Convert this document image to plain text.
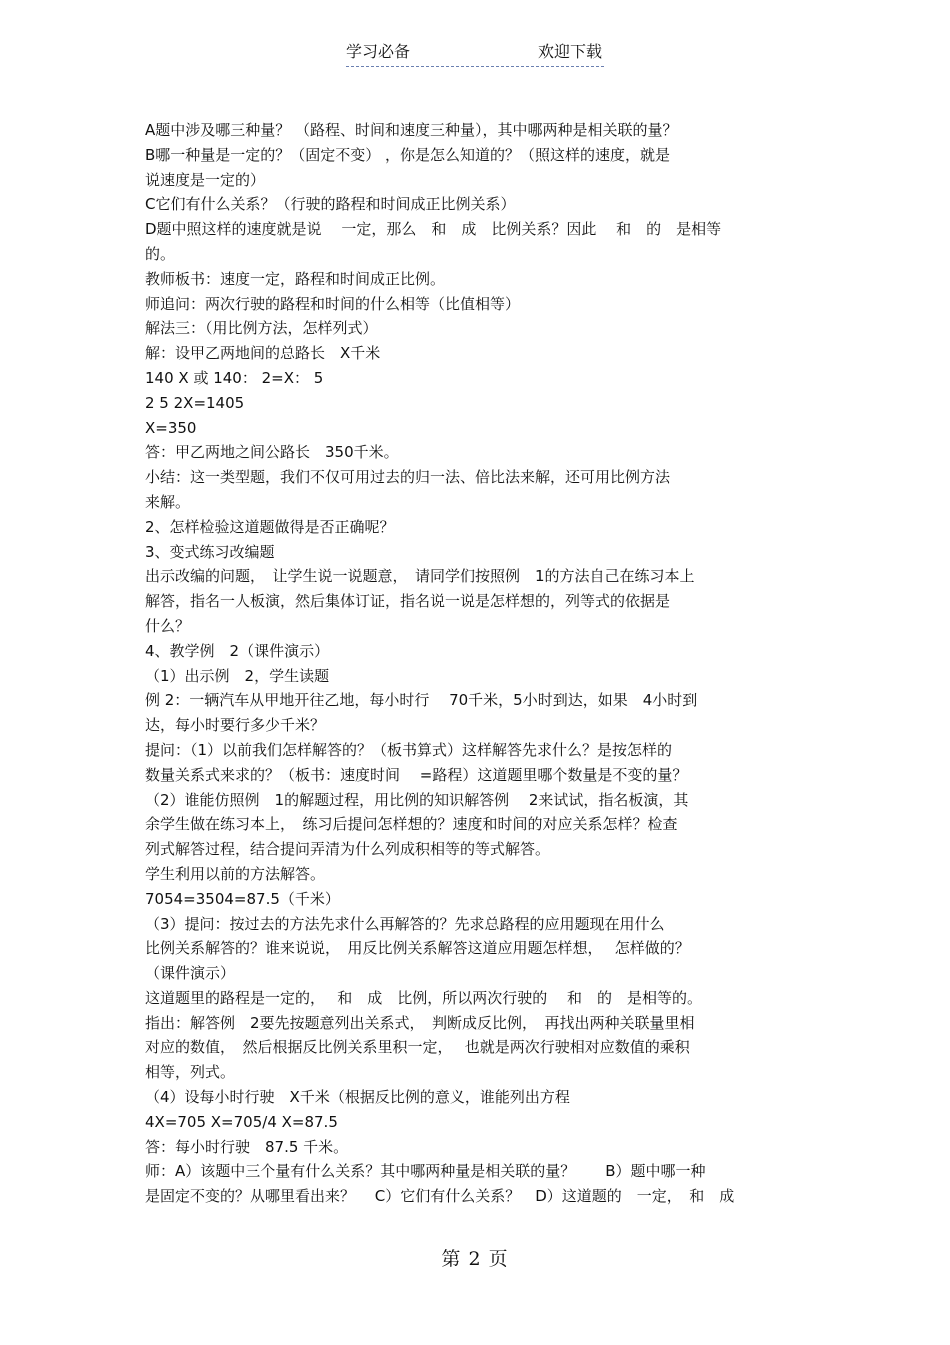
学习必备	欢迎下载
A题中涉及哪三种量？ （路程、时间和速度三种量），其中哪两种是相关联的量？
B哪一种量是一定的？（固定不变） ，你是怎么知道的？（照这样的速度，就是
说速度是一定的）
C它们有什么关系？（行驶的路程和时间成正比例关系）
D题中照这样的速度就是说　 一定，那么　和　成　比例关系？因此　 和　的　是相等
的。
教师板书：速度一定，路程和时间成正比例。
师追问：两次行驶的路程和时间的什么相等（比值相等）
解法三：（用比例方法，怎样列式）
解：设甲乙两地间的总路长　X千米
140 X 或 140： 2=X： 5
2 5 2X=1405
X=350
答：甲乙两地之间公路长　350千米。
小结：这一类型题，我们不仅可用过去的归一法、倍比法来解，还可用比例方法
来解。
2、怎样检验这道题做得是否正确呢？
3、变式练习改编题
出示改编的问题，　让学生说一说题意，　请同学们按照例　1的方法自己在练习本上
解答，指名一人板演，然后集体订证，指名说一说是怎样想的，列等式的依据是
什么？
4、教学例　2（课件演示）
（1）出示例　2，学生读题
例 2：一辆汽车从甲地开往乙地，每小时行　 70千米，5小时到达，如果　4小时到
达，每小时要行多少千米？
提问：（1）以前我们怎样解答的？（板书算式）这样解答先求什么？是按怎样的
数量关系式来求的？（板书：速度时间　 =路程）这道题里哪个数量是不变的量？
（2）谁能仿照例　1的解题过程，用比例的知识解答例　 2来试试，指名板演，其
余学生做在练习本上，　练习后提问怎样想的？速度和时间的对应关系怎样？检查
列式解答过程，结合提问弄清为什么列成积相等的等式解答。
学生利用以前的方法解答。
7054=3504=87.5（千米）
（3）提问：按过去的方法先求什么再解答的？先求总路程的应用题现在用什么
比例关系解答的？谁来说说，　用反比例关系解答这道应用题怎样想，　 怎样做的？
（课件演示）
这道题里的路程是一定的，　 和　成　比例，所以两次行驶的　 和　的　是相等的。
指出：解答例　2要先按题意列出关系式，　判断成反比例，　再找出两种关联量里相
对应的数值，　然后根据反比例关系里积一定，　 也就是两次行驶相对应数值的乘积
相等，列式。
（4）设每小时行驶　X千米（根据反比例的意义，谁能列出方程
4X=705 X=705/4 X=87.5
答：每小时行驶　87.5 千米。
师：A）该题中三个量有什么关系？其中哪两种量是相关联的量？　　B）题中哪一种
是固定不变的？从哪里看出来？　 C）它们有什么关系？　D）这道题的　一定，　和　成
第 2 页
